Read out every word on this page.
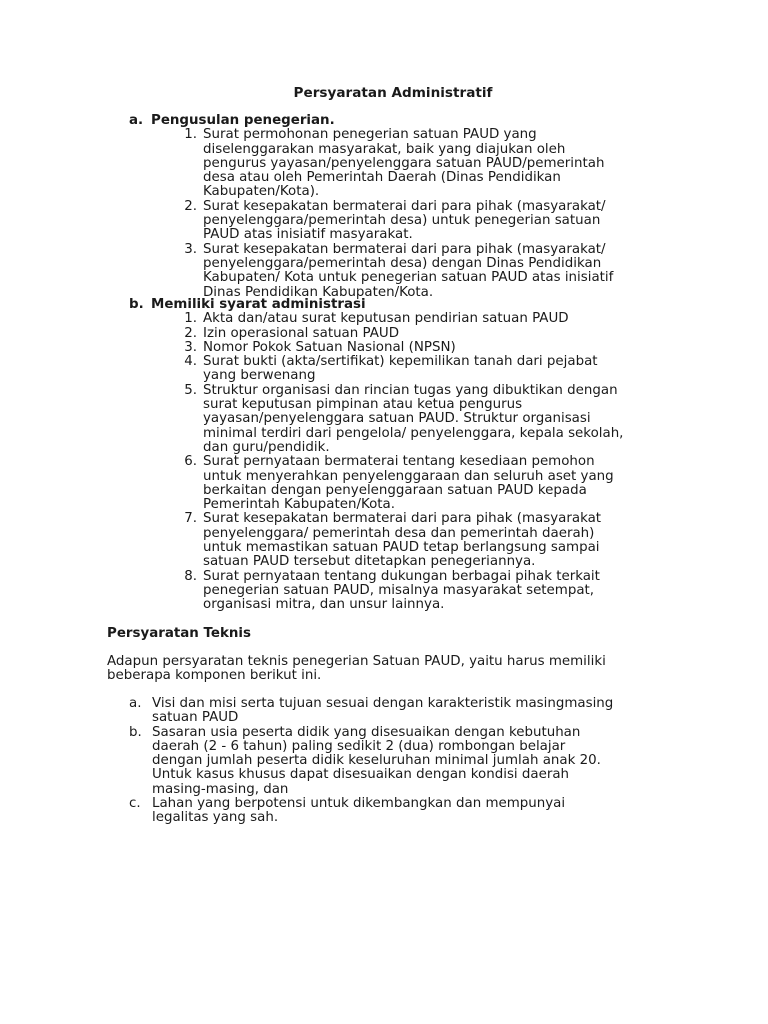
Persyaratan Administratif
a. Pengusulan penegerian.
1. Surat permohonan penegerian satuan PAUD yang
diselenggarakan masyarakat, baik yang diajukan oleh
pengurus yayasan/penyelenggara satuan PAUD/pemerintah
desa atau oleh Pemerintah Daerah (Dinas Pendidikan
Kabupaten/Kota).
2. Surat kesepakatan bermaterai dari para pihak (masyarakat/
penyelenggara/pemerintah desa) untuk penegerian satuan
PAUD atas inisiatif masyarakat.
3. Surat kesepakatan bermaterai dari para pihak (masyarakat/
penyelenggara/pemerintah desa) dengan Dinas Pendidikan
Kabupaten/ Kota untuk penegerian satuan PAUD atas inisiatif
Dinas Pendidikan Kabupaten/Kota.
b. Memiliki syarat administrasi
1. Akta dan/atau surat keputusan pendirian satuan PAUD
2. Izin operasional satuan PAUD
3. Nomor Pokok Satuan Nasional (NPSN)
4. Surat bukti (akta/sertifikat) kepemilikan tanah dari pejabat
yang berwenang
5. Struktur organisasi dan rincian tugas yang dibuktikan dengan
surat keputusan pimpinan atau ketua pengurus
yayasan/penyelenggara satuan PAUD. Struktur organisasi
minimal terdiri dari pengelola/ penyelenggara, kepala sekolah,
dan guru/pendidik.
6. Surat pernyataan bermaterai tentang kesediaan pemohon
untuk menyerahkan penyelenggaraan dan seluruh aset yang
berkaitan dengan penyelenggaraan satuan PAUD kepada
Pemerintah Kabupaten/Kota.
7. Surat kesepakatan bermaterai dari para pihak (masyarakat
penyelenggara/ pemerintah desa dan pemerintah daerah)
untuk memastikan satuan PAUD tetap berlangsung sampai
satuan PAUD tersebut ditetapkan penegeriannya.
8. Surat pernyataan tentang dukungan berbagai pihak terkait
penegerian satuan PAUD, misalnya masyarakat setempat,
organisasi mitra, dan unsur lainnya.
Persyaratan Teknis
Adapun persyaratan teknis penegerian Satuan PAUD, yaitu harus memiliki
beberapa komponen berikut ini.
a. Visi dan misi serta tujuan sesuai dengan karakteristik masingmasing
satuan PAUD
b. Sasaran usia peserta didik yang disesuaikan dengan kebutuhan
daerah (2 - 6 tahun) paling sedikit 2 (dua) rombongan belajar
dengan jumlah peserta didik keseluruhan minimal jumlah anak 20.
Untuk kasus khusus dapat disesuaikan dengan kondisi daerah
masing-masing, dan
c. Lahan yang berpotensi untuk dikembangkan dan mempunyai
legalitas yang sah.
